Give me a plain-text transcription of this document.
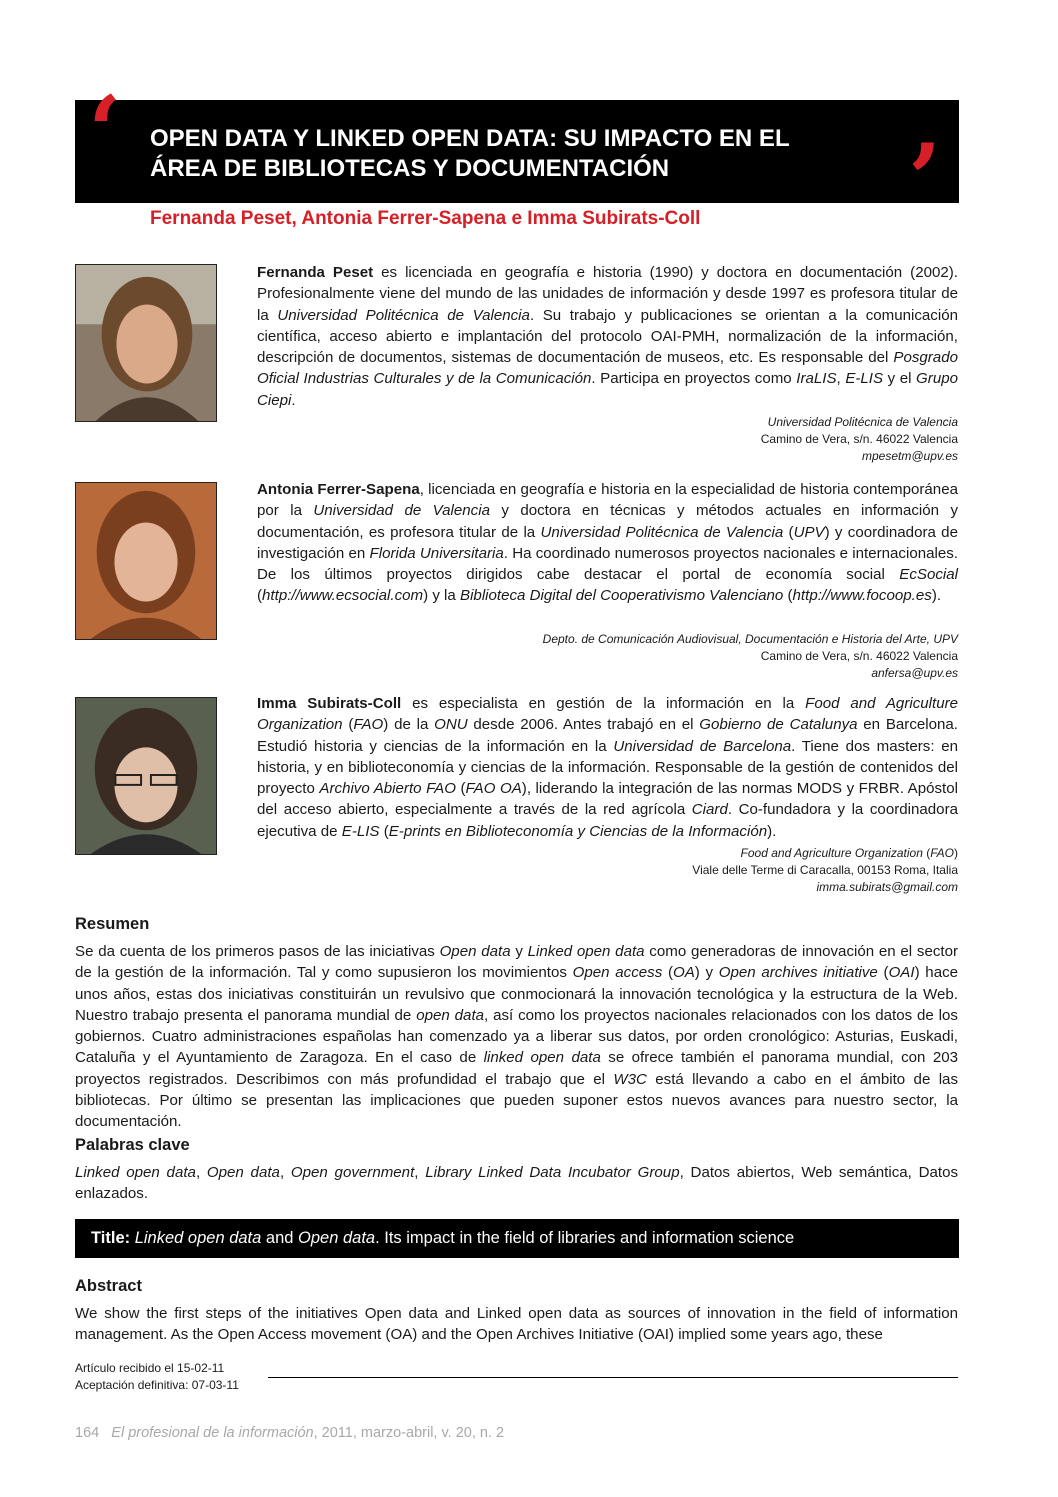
‘	’
OPEN DATA Y LINKED OPEN DATA: SU IMPACTO EN EL
ÁREA DE BIBLIOTECAS Y DOCUMENTACIÓN
Fernanda Peset, Antonia Ferrer-Sapena e Imma Subirats-Coll
Fernanda Peset es licenciada en geografía e historia (1990) y doctora en documentación (2002). Profesionalmente viene del mundo de las unidades de información y desde 1997 es profesora titular de la Universidad Politécnica de Valencia. Su trabajo y publicaciones se orientan a la comunicación científica, acceso abierto e implantación del protocolo OAI-PMH, normalización de la información, descripción de documentos, sistemas de documentación de museos, etc. Es responsable del Posgrado Oficial Industrias Culturales y de la Comunicación. Participa en proyectos como IraLIS, E-LIS y el Grupo Ciepi.
Universidad Politécnica de Valencia
Camino de Vera, s/n. 46022 Valencia
mpesetm@upv.es
Antonia Ferrer-Sapena, licenciada en geografía e historia en la especialidad de historia contemporánea por la Universidad de Valencia y doctora en técnicas y métodos actuales en información y documentación, es profesora titular de la Universidad Politécnica de Valencia (UPV) y coordinadora de investigación en Florida Universitaria. Ha coordinado numerosos proyectos nacionales e internacionales. De los últimos proyectos dirigidos cabe destacar el portal de economía social EcSocial (http://www.ecsocial.com) y la Biblioteca Digital del Cooperativismo Valenciano (http://www.focoop.es).
Depto. de Comunicación Audiovisual, Documentación e Historia del Arte, UPV
Camino de Vera, s/n. 46022 Valencia
anfersa@upv.es
Imma Subirats-Coll es especialista en gestión de la información en la Food and Agriculture Organization (FAO) de la ONU desde 2006. Antes trabajó en el Gobierno de Catalunya en Barcelona. Estudió historia y ciencias de la información en la Universidad de Barcelona. Tiene dos masters: en historia, y en biblioteconomía y ciencias de la información. Responsable de la gestión de contenidos del proyecto Archivo Abierto FAO (FAO OA), liderando la integración de las normas MODS y FRBR. Apóstol del acceso abierto, especialmente a través de la red agrícola Ciard. Co-fundadora y la coordinadora ejecutiva de E-LIS (E-prints en Biblioteconomía y Ciencias de la Información).
Food and Agriculture Organization (FAO)
Viale delle Terme di Caracalla, 00153 Roma, Italia
imma.subirats@gmail.com
Resumen
Se da cuenta de los primeros pasos de las iniciativas Open data y Linked open data como generadoras de innovación en el sector de la gestión de la información. Tal y como supusieron los movimientos Open access (OA) y Open archives initiative (OAI) hace unos años, estas dos iniciativas constituirán un revulsivo que conmocionará la innovación tecnológica y la estructura de la Web. Nuestro trabajo presenta el panorama mundial de open data, así como los proyectos nacionales relacionados con los datos de los gobiernos. Cuatro administraciones españolas han comenzado ya a liberar sus datos, por orden cronológico: Asturias, Euskadi, Cataluña y el Ayuntamiento de Zaragoza. En el caso de linked open data se ofrece también el panorama mundial, con 203 proyectos registrados. Describimos con más profundidad el trabajo que el W3C está llevando a cabo en el ámbito de las bibliotecas. Por último se presentan las implicaciones que pueden suponer estos nuevos avances para nuestro sector, la documentación.
Palabras clave
Linked open data, Open data, Open government, Library Linked Data Incubator Group, Datos abiertos, Web semántica, Datos enlazados.
Title: Linked open data and Open data. Its impact in the field of libraries and information science
Abstract
We show the first steps of the initiatives Open data and Linked open data as sources of innovation in the field of information management. As the Open Access movement (OA) and the Open Archives Initiative (OAI) implied some years ago, these
Artículo recibido el 15-02-11
Aceptación definitiva: 07-03-11
164 El profesional de la información, 2011, marzo-abril, v. 20, n. 2
